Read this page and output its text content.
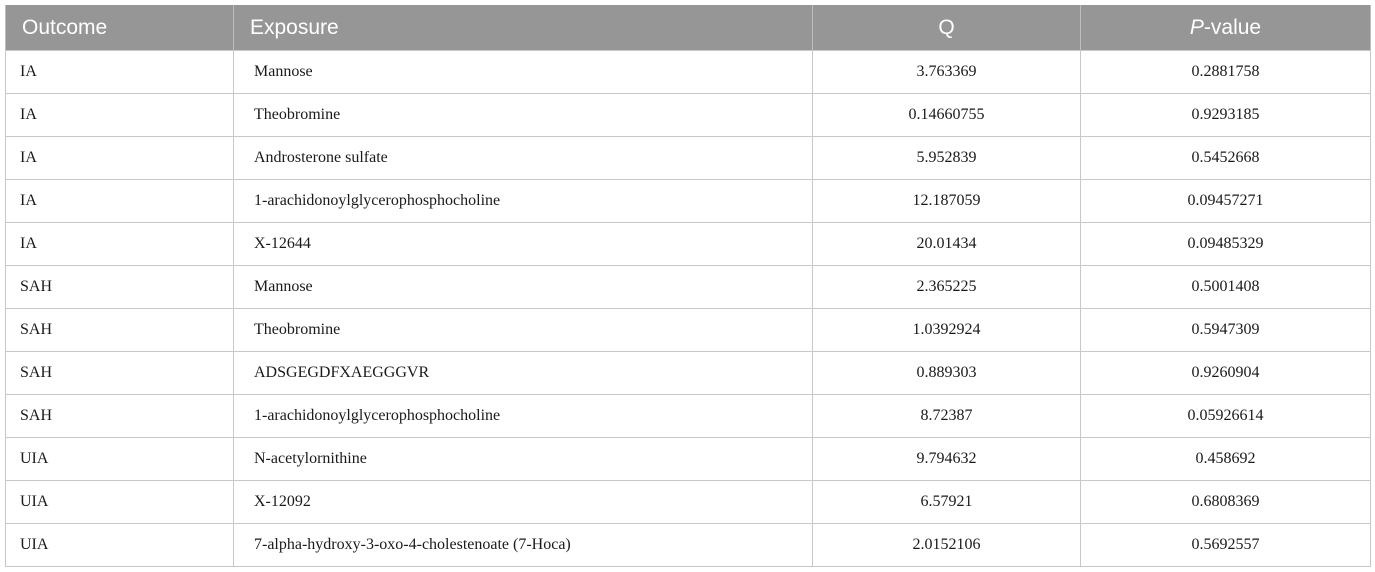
Outcome	Exposure	Q	P-value
IA	Mannose	3.763369	0.2881758
IA	Theobromine	0.14660755	0.9293185
IA	Androsterone sulfate	5.952839	0.5452668
IA	1-arachidonoylglycerophosphocholine	12.187059	0.09457271
IA	X-12644	20.01434	0.09485329
SAH	Mannose	2.365225	0.5001408
SAH	Theobromine	1.0392924	0.5947309
SAH	ADSGEGDFXAEGGGVR	0.889303	0.9260904
SAH	1-arachidonoylglycerophosphocholine	8.72387	0.05926614
UIA	N-acetylornithine	9.794632	0.458692
UIA	X-12092	6.57921	0.6808369
UIA	7-alpha-hydroxy-3-oxo-4-cholestenoate (7-Hoca)	2.0152106	0.5692557
